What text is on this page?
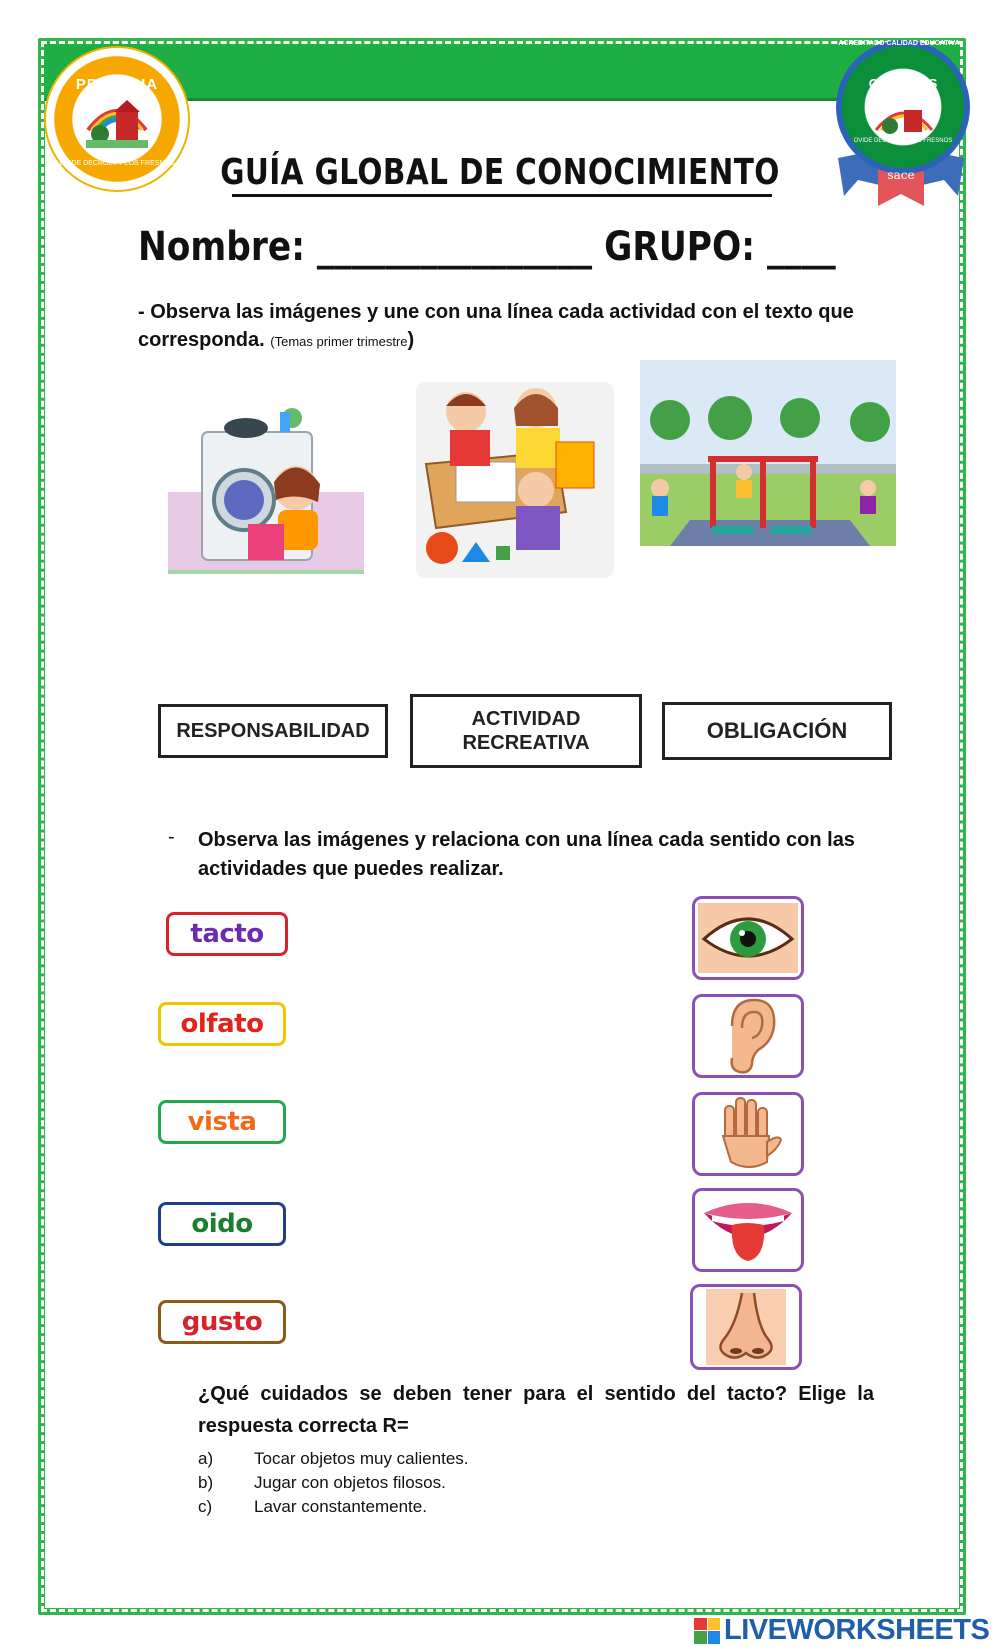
PRIMARIA
OVIDE DECROLY Y LOS FRESNOS
ACREDITADO CALIDAD EDUCATIVA
COLEGIOS
OVIDE DECROLY Y LOS FRESNOS
sace
GUÍA GLOBAL DE CONOCIMIENTO
Nombre: ________________ GRUPO: ____
- Observa las imágenes y une con una línea cada actividad con el texto que corresponda. (Temas primer trimestre)
RESPONSABILIDAD
ACTIVIDAD RECREATIVA	OBLIGACIÓN
- Observa las imágenes y relaciona con una línea cada sentido con las actividades que puedes realizar.
tacto
olfato
vista
oido
gusto
¿Qué cuidados se deben tener para el sentido del tacto? Elige la respuesta correcta R=
a) Tocar objetos muy calientes.
b) Jugar con objetos filosos.
c) Lavar constantemente.
LIVEWORKSHEETS
